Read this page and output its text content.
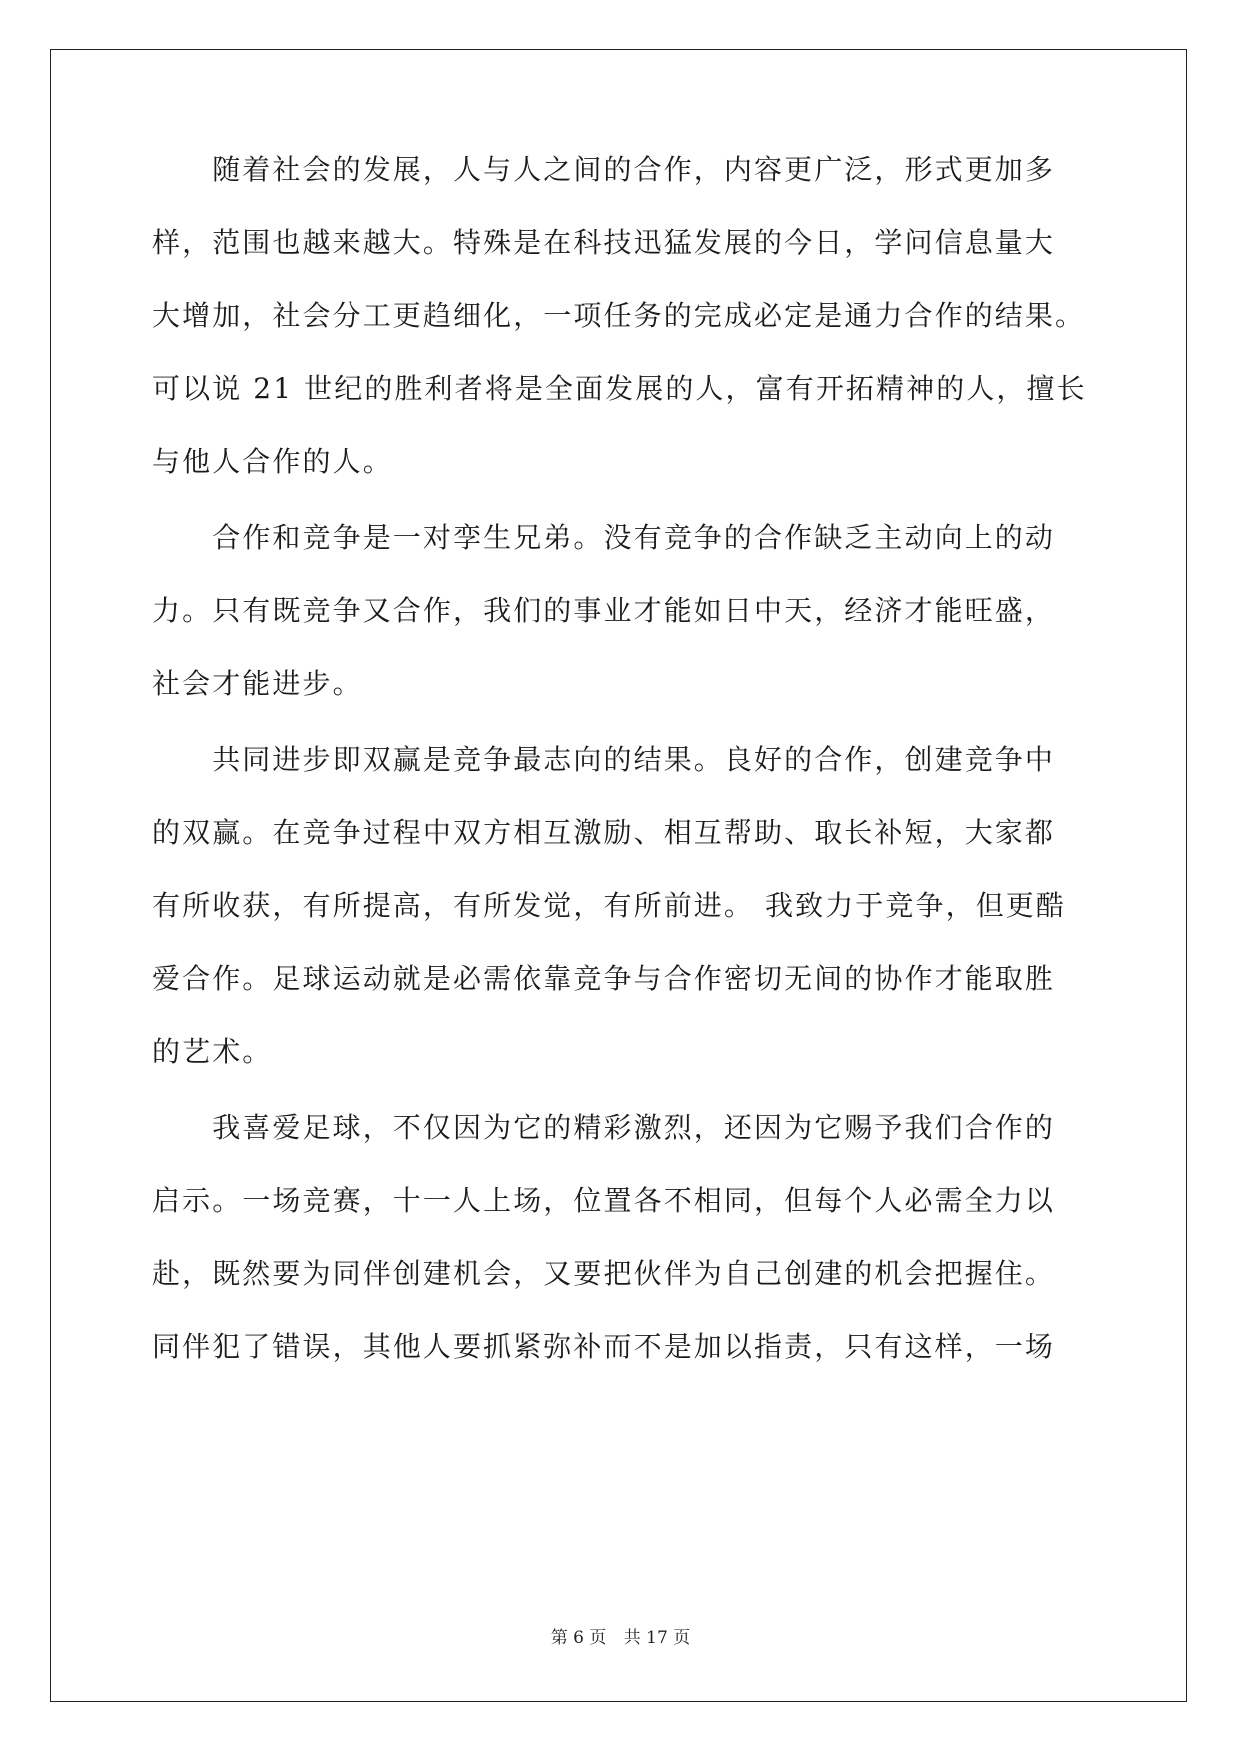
　　随着社会的发展，人与人之间的合作，内容更广泛，形式更加多
样，范围也越来越大。特殊是在科技迅猛发展的今日，学问信息量大
大增加，社会分工更趋细化，一项任务的完成必定是通力合作的结果。
可以说 21 世纪的胜利者将是全面发展的人，富有开拓精神的人，擅长
与他人合作的人。
　　合作和竞争是一对孪生兄弟。没有竞争的合作缺乏主动向上的动
力。只有既竞争又合作，我们的事业才能如日中天，经济才能旺盛，
社会才能进步。
　　共同进步即双赢是竞争最志向的结果。良好的合作，创建竞争中
的双赢。在竞争过程中双方相互激励、相互帮助、取长补短，大家都
有所收获，有所提高，有所发觉，有所前进。 我致力于竞争，但更酷
爱合作。足球运动就是必需依靠竞争与合作密切无间的协作才能取胜
的艺术。
　　我喜爱足球，不仅因为它的精彩激烈，还因为它赐予我们合作的
启示。一场竞赛，十一人上场，位置各不相同，但每个人必需全力以
赴，既然要为同伴创建机会，又要把伙伴为自己创建的机会把握住。
同伴犯了错误，其他人要抓紧弥补而不是加以指责，只有这样，一场
第 6 页 共 17 页
